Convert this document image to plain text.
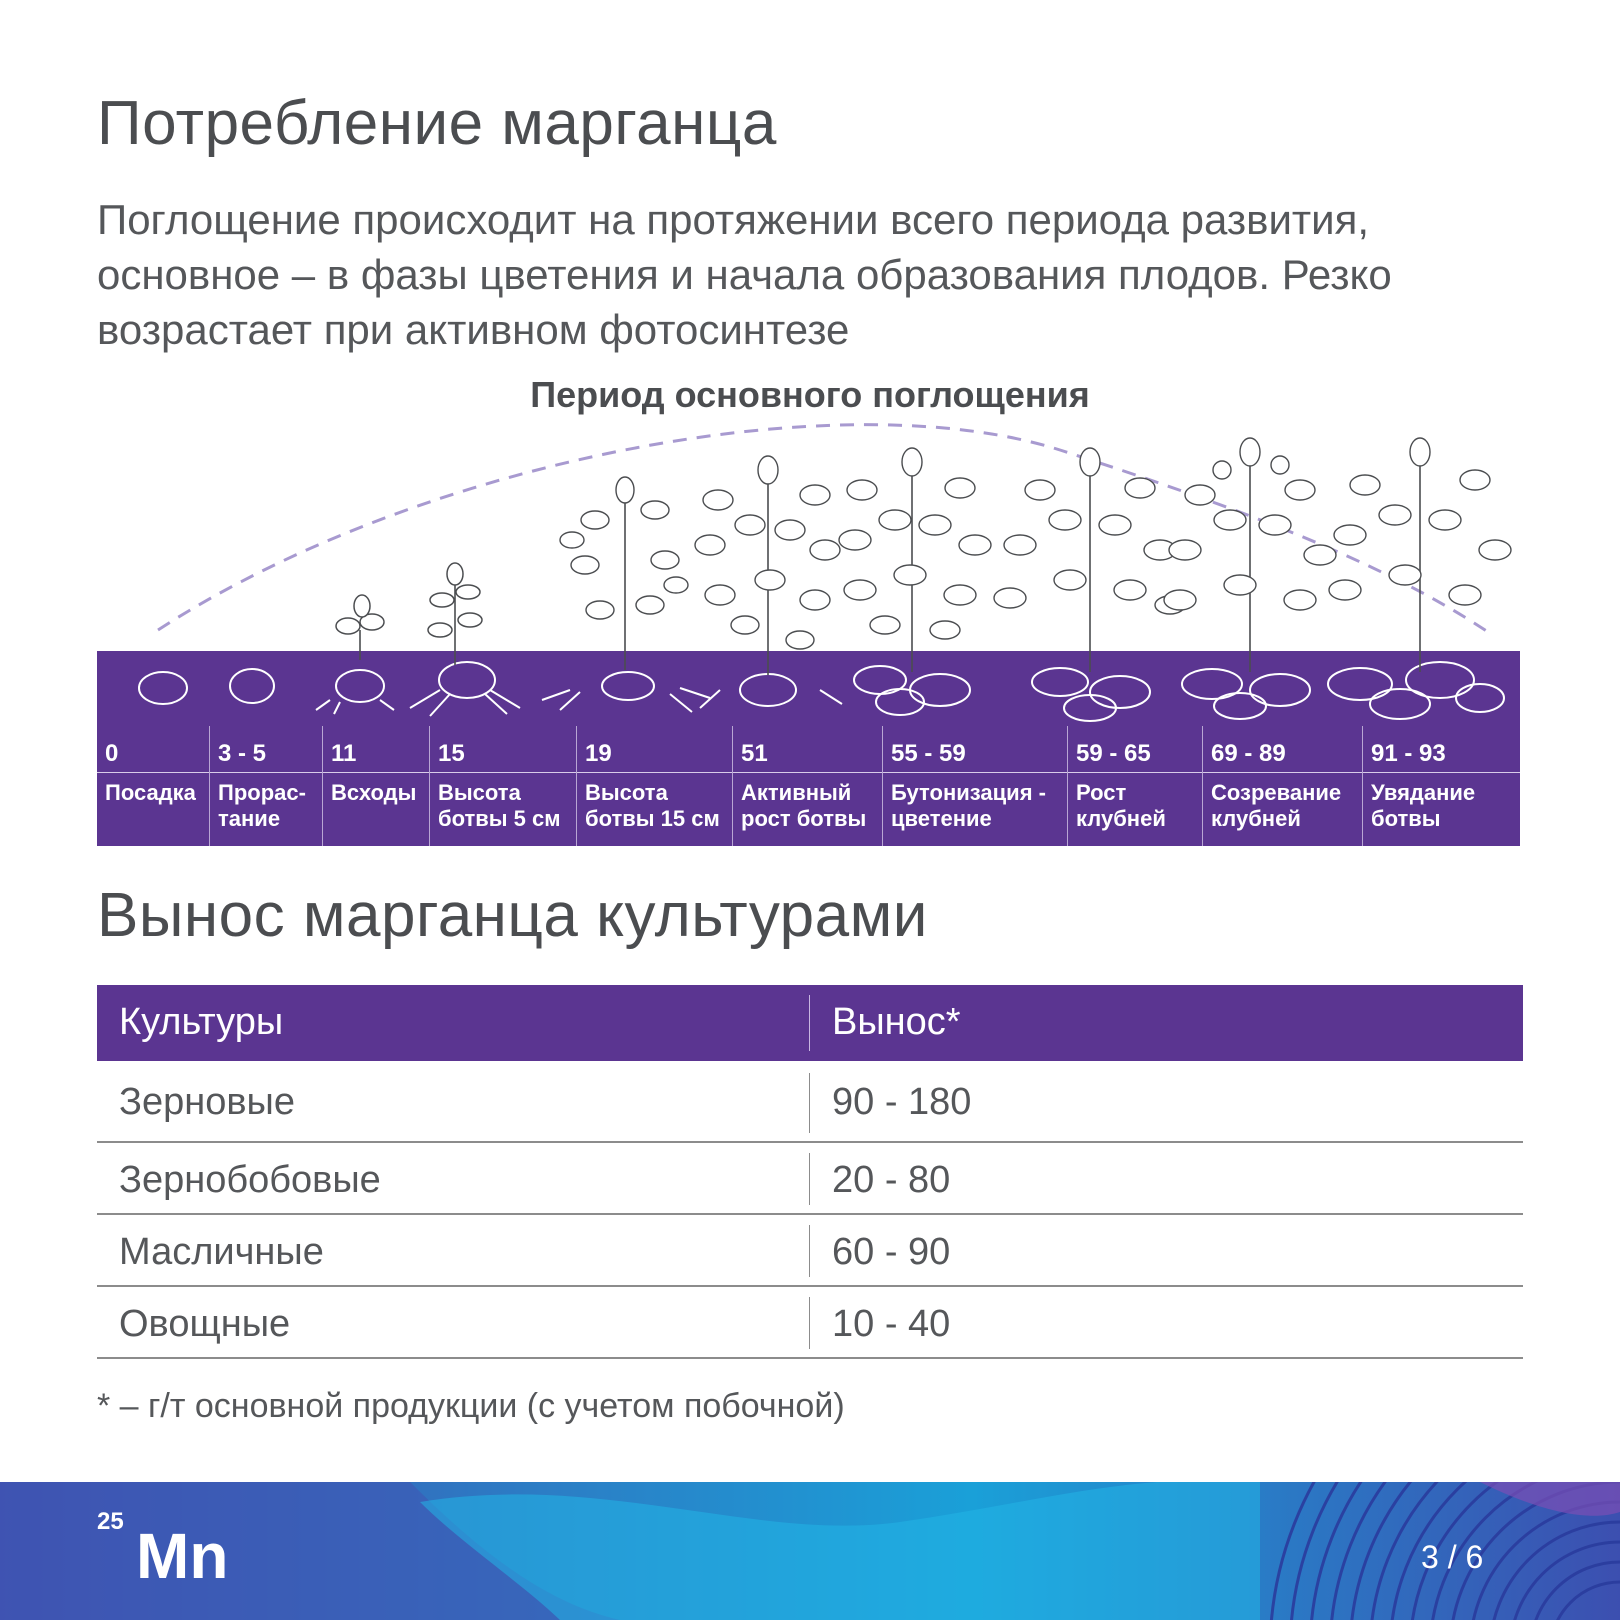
Потребление марганца
Поглощение происходит на протяжении всего периода развития, основное – в фазы цветения и начала образования плодов. Резко возрастает при активном фотосинтезе
Период основного поглощения
0
Посадка
3 - 5
Прорас-
тание
11
Всходы
15
Высота
ботвы 5 см
19
Высота
ботвы 15 см
51
Активный
рост ботвы
55 - 59
Бутонизация -
цветение
59 - 65
Рост
клубней
69 - 89
Созревание
клубней
91 - 93
Увядание
ботвы
Вынос марганца культурами
Культуры	Вынос*
Зерновые	90 - 180
Зернобобовые	20 - 80
Масличные	60 - 90
Овощные	10 - 40
* – г/т основной продукции (с учетом побочной)
25 Mn	3 / 6
